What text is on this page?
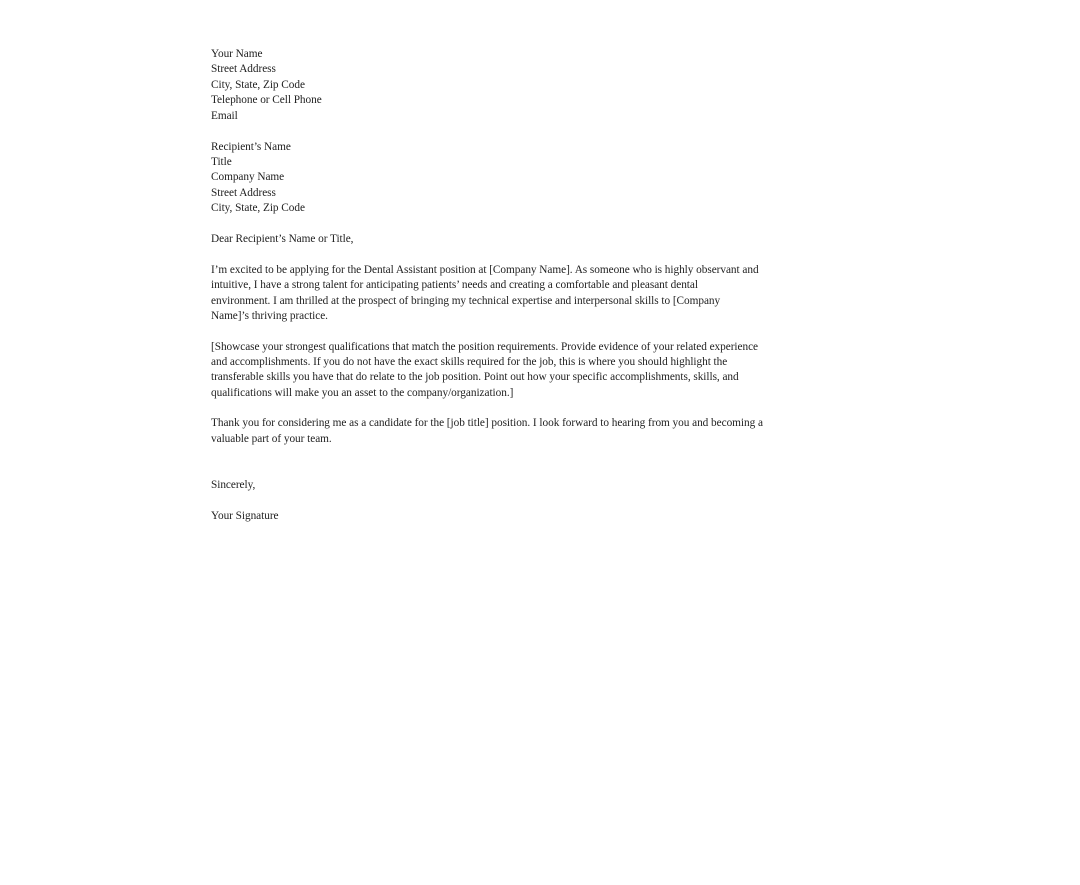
Your Name
Street Address
City, State, Zip Code
Telephone or Cell Phone
Email
Recipient’s Name
Title
Company Name
Street Address
City, State, Zip Code

Dear Recipient’s Name or Title,

I’m excited to be applying for the Dental Assistant position at [Company Name]. As someone who is highly observant and
intuitive, I have a strong talent for anticipating patients’ needs and creating a comfortable and pleasant dental
environment. I am thrilled at the prospect of bringing my technical expertise and interpersonal skills to [Company
Name]’s thriving practice.

[Showcase your strongest qualifications that match the position requirements. Provide evidence of your related experience
and accomplishments. If you do not have the exact skills required for the job, this is where you should highlight the
transferable skills you have that do relate to the job position. Point out how your specific accomplishments, skills, and
qualifications will make you an asset to the company/organization.]

Thank you for considering me as a candidate for the [job title] position. I look forward to hearing from you and becoming a
valuable part of your team.

Sincerely,

Your Signature
